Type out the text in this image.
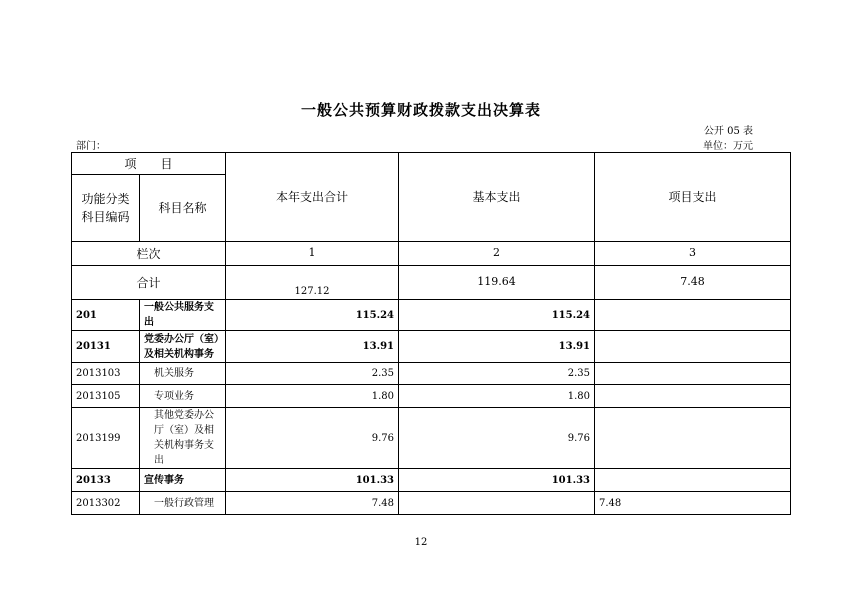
一般公共预算财政拨款支出决算表
公开 05 表
部门：	单位：万元
项　　目		本年支出合计	基本支出	项目支出
功能分类科目编码	科目名称			
栏次		1	2	3
合计		127.12	119.64	7.48
201	一般公共服务支出	115.24	115.24	
20131	党委办公厅（室）及相关机构事务	13.91	13.91	
2013103	机关服务	2.35	2.35	
2013105	专项业务	1.80	1.80	
2013199	其他党委办公厅（室）及相关机构事务支出	9.76	9.76	
20133	宣传事务	101.33	101.33	
2013302	一般行政管理	7.48		7.48
12
